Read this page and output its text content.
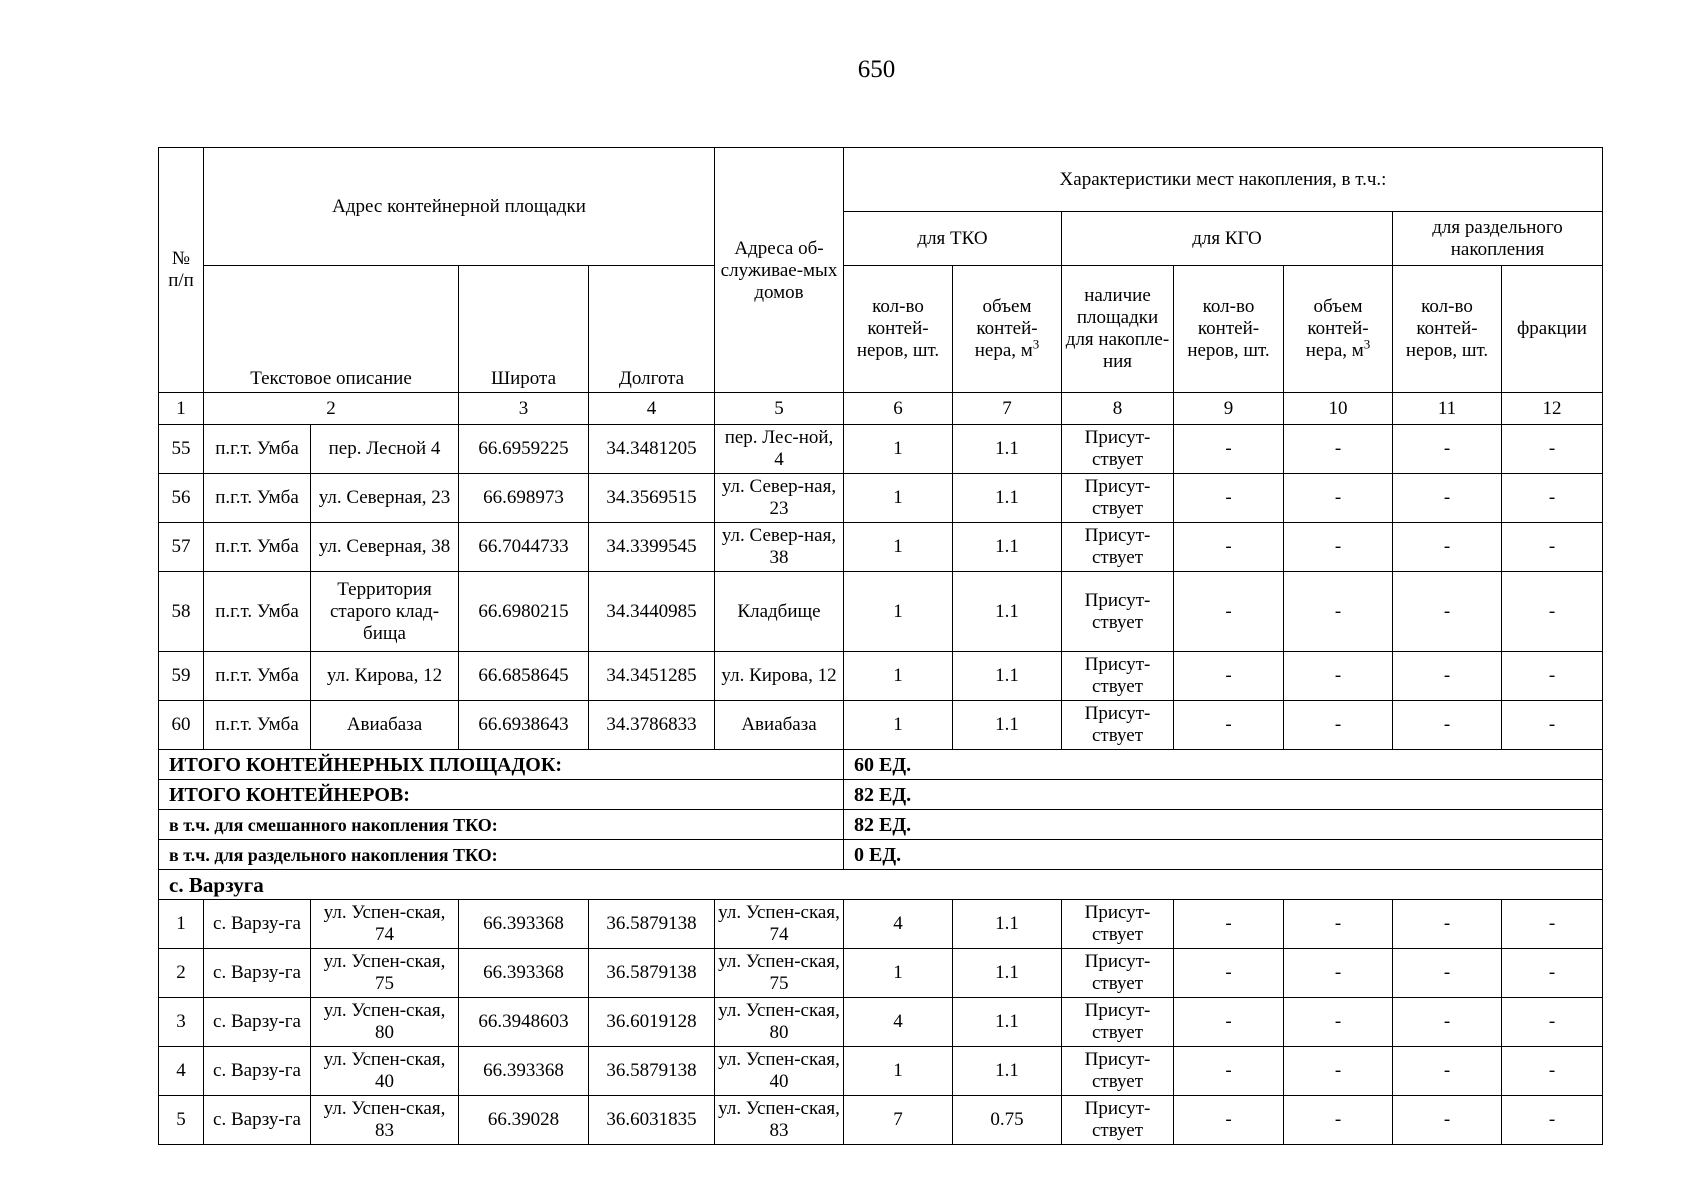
650
№ п/п	Адрес контейнерной площадки				Адреса об-служивае-мых домов	Характеристики мест накопления, в т.ч.:						
						для ТКО		для КГО			для раздельного накопления	
	Текстовое описание		Широта	Долгота		кол-во контей-неров, шт.	объем контей-нера, $м^3$	наличие площадки для накопле-ния	кол-во контей-неров, шт.	объем контей-нера, $м^3$	кол-во контей-неров, шт.	фракции
1	2		3	4	5	6	7	8	9	10	11	12
55	п.г.т. Умба	пер. Лесной 4	66.6959225	34.3481205	пер. Лес-ной, 4	1	1.1	Присут-ствует	-	-	-	-
56	п.г.т. Умба	ул. Северная, 23	66.698973	34.3569515	ул. Север-ная, 23	1	1.1	Присут-ствует	-	-	-	-
57	п.г.т. Умба	ул. Северная, 38	66.7044733	34.3399545	ул. Север-ная, 38	1	1.1	Присут-ствует	-	-	-	-
58	п.г.т. Умба	Территория старого клад-бища	66.6980215	34.3440985	Кладбище	1	1.1	Присут-ствует	-	-	-	-
59	п.г.т. Умба	ул. Кирова, 12	66.6858645	34.3451285	ул. Кирова, 12	1	1.1	Присут-ствует	-	-	-	-
60	п.г.т. Умба	Авиабаза	66.6938643	34.3786833	Авиабаза	1	1.1	Присут-ствует	-	-	-	-
ИТОГО КОНТЕЙНЕРНЫХ ПЛОЩАДОК:						60 ЕД.						
ИТОГО КОНТЕЙНЕРОВ:						82 ЕД.						
в т.ч. для смешанного накопления ТКО:						82 ЕД.						
в т.ч. для раздельного накопления ТКО:						0 ЕД.						
с. Варзуга												
1	с. Варзу-га	ул. Успен-ская, 74	66.393368	36.5879138	ул. Успен-ская, 74	4	1.1	Присут-ствует	-	-	-	-
2	с. Варзу-га	ул. Успен-ская, 75	66.393368	36.5879138	ул. Успен-ская, 75	1	1.1	Присут-ствует	-	-	-	-
3	с. Варзу-га	ул. Успен-ская, 80	66.3948603	36.6019128	ул. Успен-ская, 80	4	1.1	Присут-ствует	-	-	-	-
4	с. Варзу-га	ул. Успен-ская, 40	66.393368	36.5879138	ул. Успен-ская, 40	1	1.1	Присут-ствует	-	-	-	-
5	с. Варзу-га	ул. Успен-ская, 83	66.39028	36.6031835	ул. Успен-ская, 83	7	0.75	Присут-ствует	-	-	-	-
